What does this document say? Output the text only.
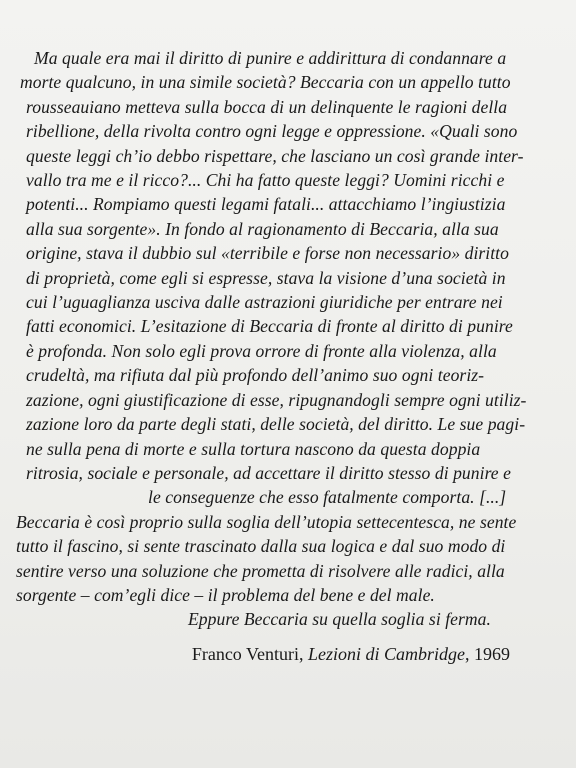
Ma quale era mai il diritto di punire e addirittura di condannare a
morte qualcuno, in una simile società? Beccaria con un appello tutto
rousseauiano metteva sulla bocca di un delinquente le ragioni della
ribellione, della rivolta contro ogni legge e oppressione. «Quali sono
queste leggi ch’io debbo rispettare, che lasciano un così grande inter-
vallo tra me e il ricco?... Chi ha fatto queste leggi? Uomini ricchi e
potenti... Rompiamo questi legami fatali... attacchiamo l’ingiustizia
alla sua sorgente». In fondo al ragionamento di Beccaria, alla sua
origine, stava il dubbio sul «terribile e forse non necessario» diritto
di proprietà, come egli si espresse, stava la visione d’una società in
cui l’uguaglianza usciva dalle astrazioni giuridiche per entrare nei
fatti economici. L’esitazione di Beccaria di fronte al diritto di punire
è profonda. Non solo egli prova orrore di fronte alla violenza, alla
crudeltà, ma rifiuta dal più profondo dell’animo suo ogni teoriz-
zazione, ogni giustificazione di esse, ripugnandogli sempre ogni utiliz-
zazione loro da parte degli stati, delle società, del diritto. Le sue pagi-
ne sulla pena di morte e sulla tortura nascono da questa doppia
ritrosia, sociale e personale, ad accettare il diritto stesso di punire e
le conseguenze che esso fatalmente comporta. [...]
Beccaria è così proprio sulla soglia dell’utopia settecentesca, ne sente
tutto il fascino, si sente trascinato dalla sua logica e dal suo modo di
sentire verso una soluzione che prometta di risolvere alle radici, alla
sorgente – com’egli dice – il problema del bene e del male.
Eppure Beccaria su quella soglia si ferma.
Franco Venturi, Lezioni di Cambridge, 1969
